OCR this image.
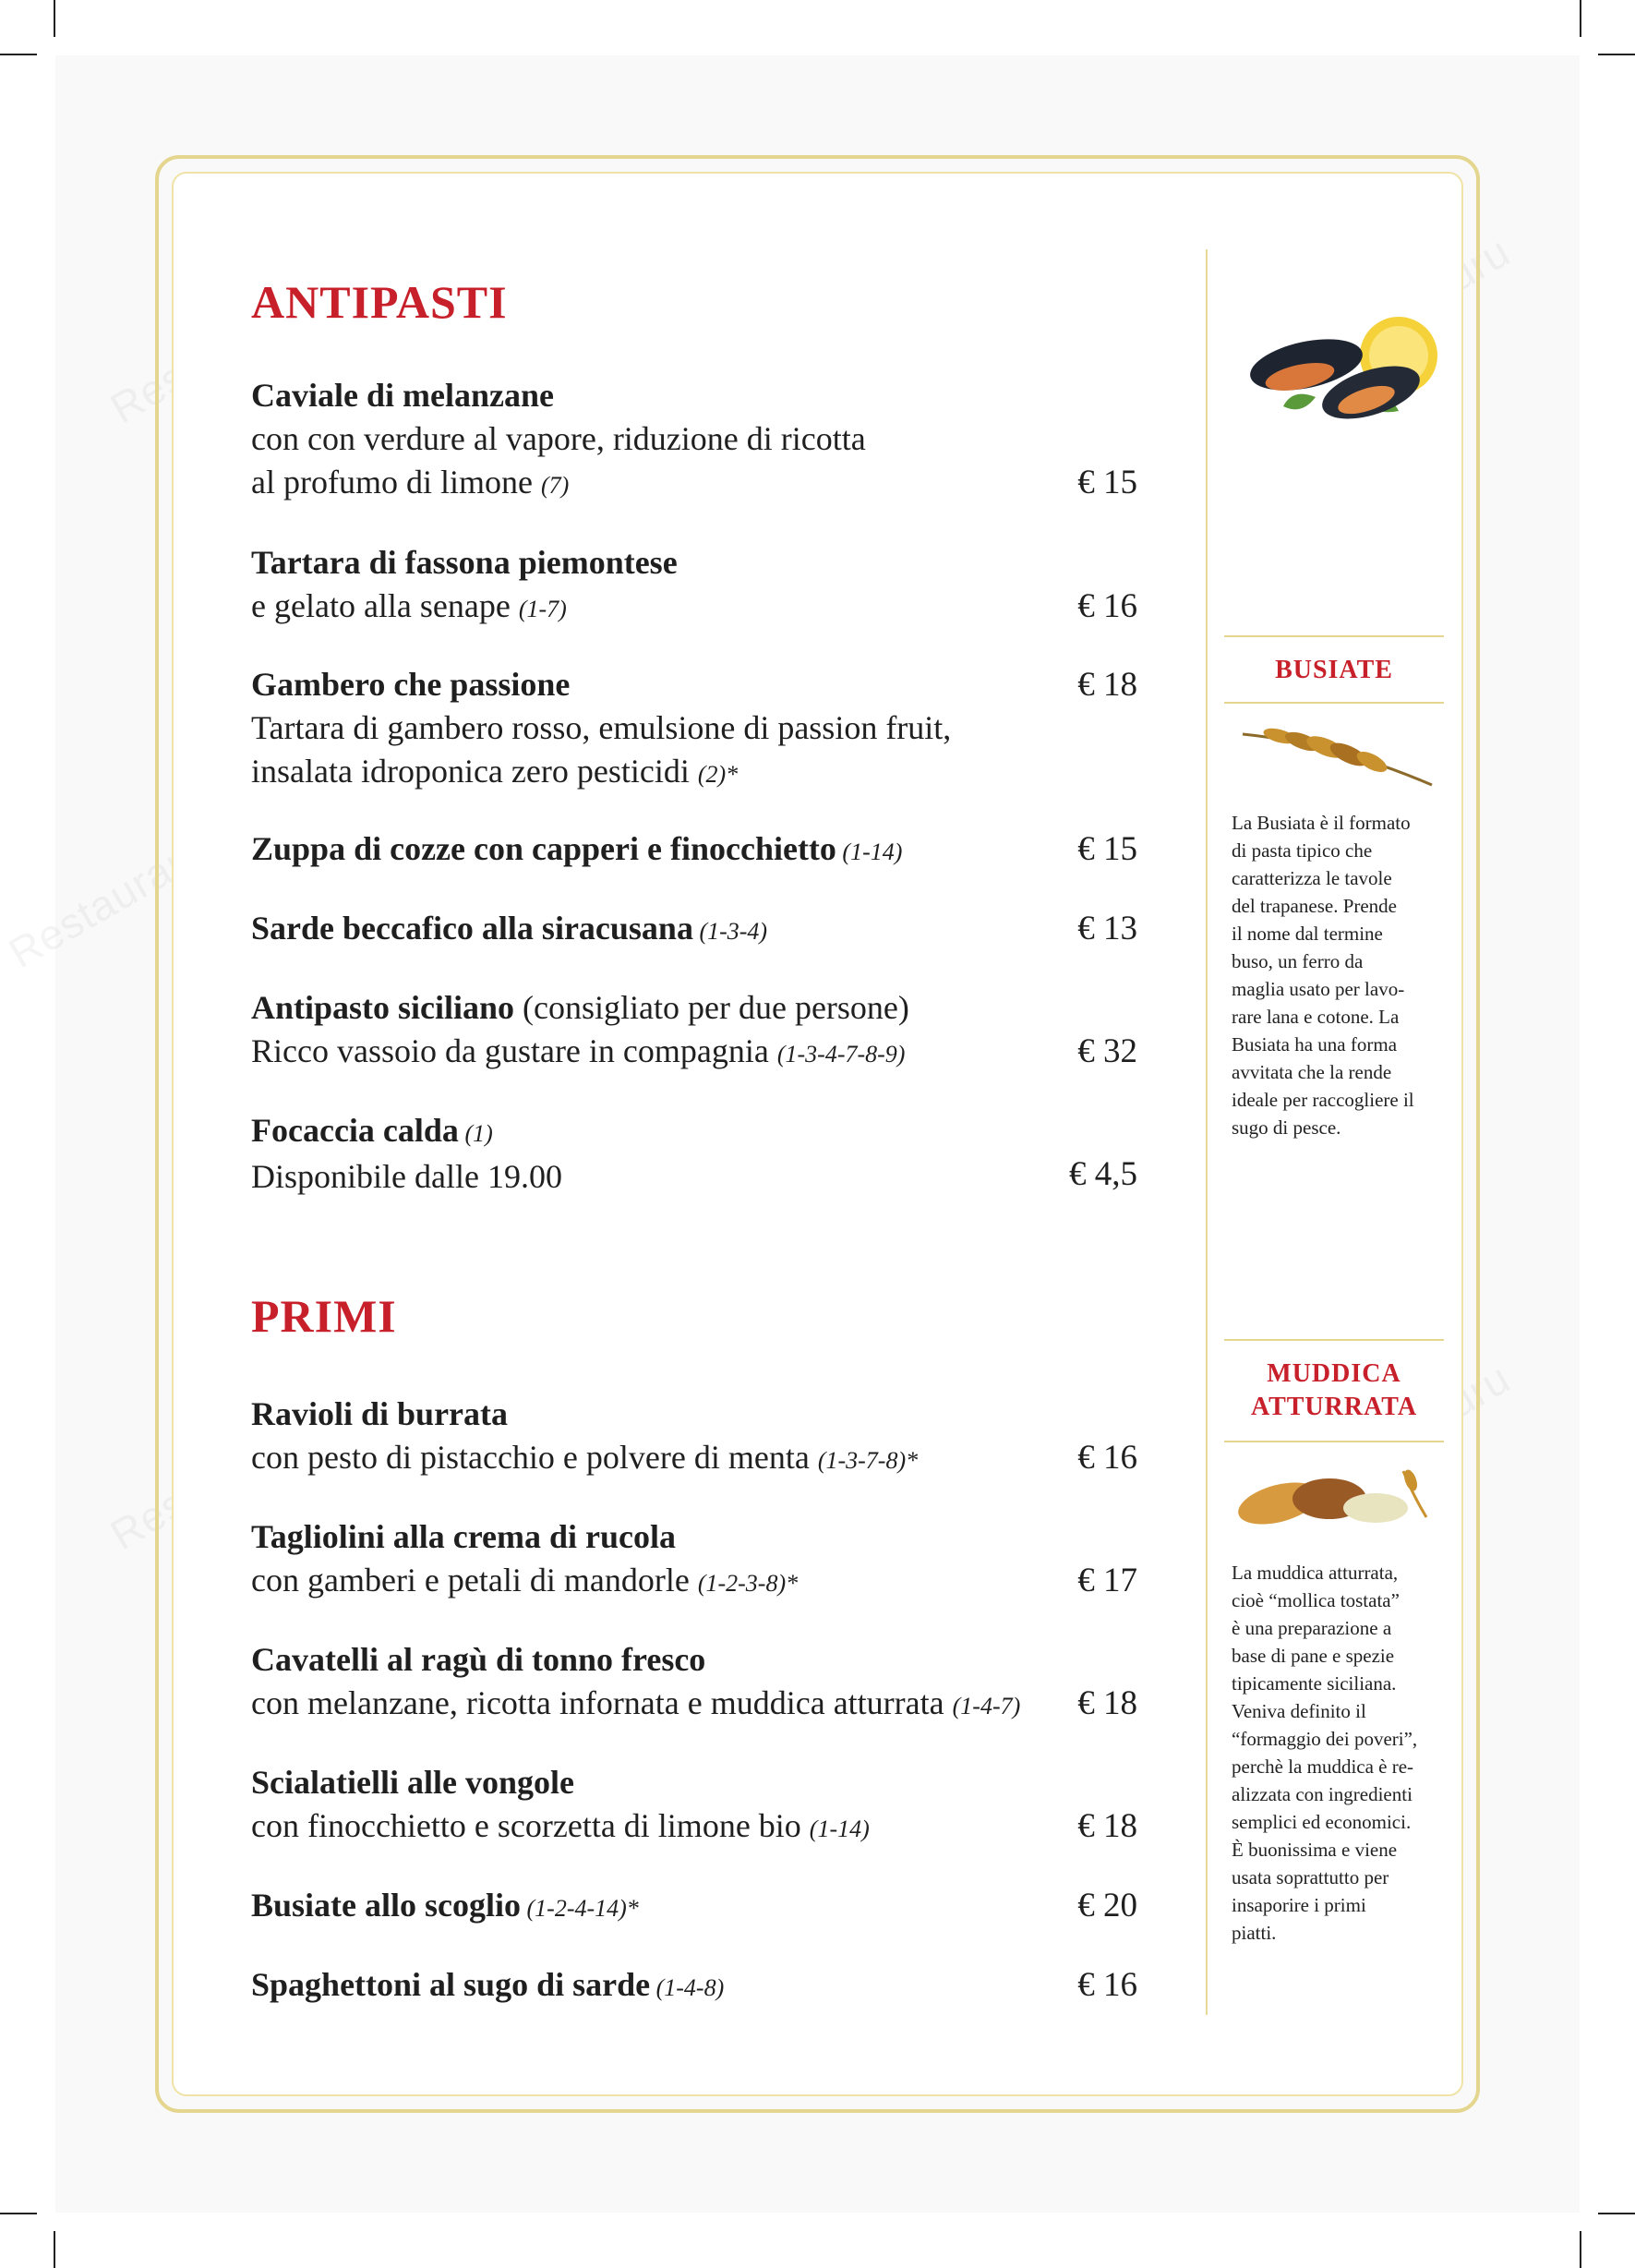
ANTIPASTI
Caviale di melanzane
con con verdure al vapore, riduzione di ricotta
al profumo di limone (7)	€ 15
Tartara di fassona piemontese
e gelato alla senape (1-7)	€ 16
Gambero che passione
Tartara di gambero rosso, emulsione di passion fruit,
insalata idroponica zero pesticidi (2)*
€ 18
Zuppa di cozze con capperi e finocchietto (1-14)	€ 15
Sarde beccafico alla siracusana (1-3-4)	€ 13
Antipasto siciliano (consigliato per due persone)
Ricco vassoio da gustare in compagnia (1-3-4-7-8-9)	€ 32
Focaccia calda (1)
Disponibile dalle 19.00	€ 4,5
PRIMI
Ravioli di burrata
con pesto di pistacchio e polvere di menta (1-3-7-8)*	€ 16
Tagliolini alla crema di rucola
con gamberi e petali di mandorle (1-2-3-8)*	€ 17
Cavatelli al ragù di tonno fresco
con melanzane, ricotta infornata e muddica atturrata (1-4-7)	€ 18
Scialatielli alle vongole
con finocchietto e scorzetta di limone bio (1-14)	€ 18
Busiate allo scoglio (1-2-4-14)*	€ 20
Spaghettoni al sugo di sarde (1-4-8)	€ 16
BUSIATE
La Busiata è il formato
di pasta tipico che
caratterizza le tavole
del trapanese. Prende
il nome dal termine
buso, un ferro da
maglia usato per lavo-
rare lana e cotone. La
Busiata ha una forma
avvitata che la rende
ideale per raccogliere il
sugo di pesce.
MUDDICA
ATTURRATA
La muddica atturrata,
cioè “mollica tostata”
è una preparazione a
base di pane e spezie
tipicamente siciliana.
Veniva definito il
“formaggio dei poveri”,
perchè la muddica è re-
alizzata con ingredienti
semplici ed economici.
È buonissima e viene
usata soprattutto per
insaporire i primi
piatti.
